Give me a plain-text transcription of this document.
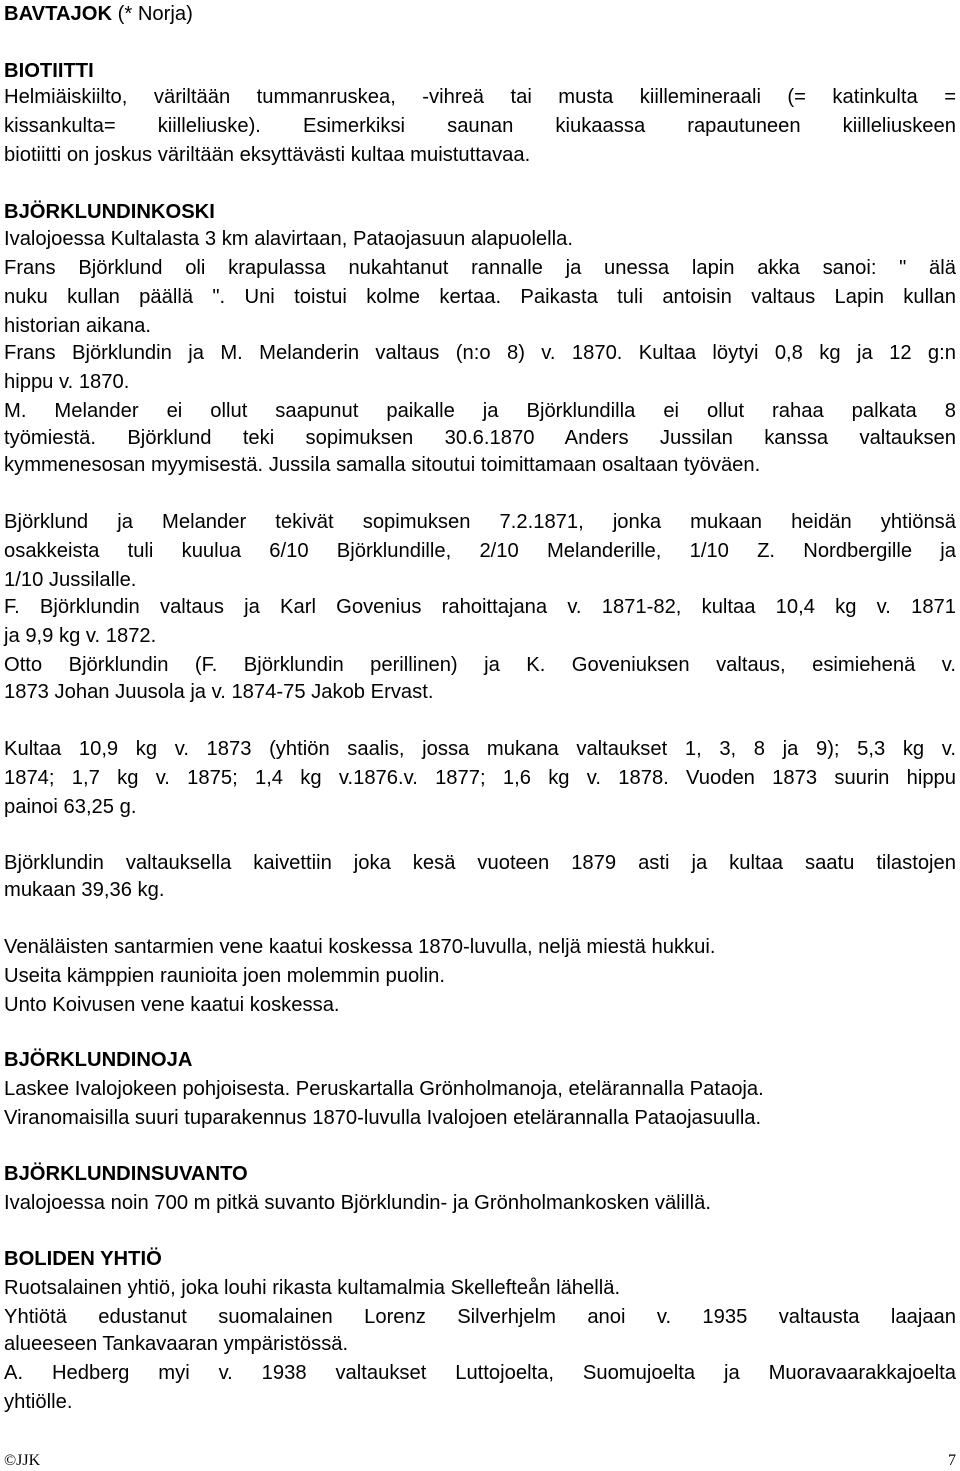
BAVTAJOK (* Norja)
BIOTIITTI
Helmiäiskiilto, väriltään tummanruskea, -vihreä tai musta kiillemineraali (= katinkulta =
kissankulta= kiilleliuske). Esimerkiksi saunan kiukaassa rapautuneen kiilleliuskeen
biotiitti on joskus väriltään eksyttävästi kultaa muistuttavaa.
BJÖRKLUNDINKOSKI
Ivalojoessa Kultalasta 3 km alavirtaan, Pataojasuun alapuolella.
Frans Björklund oli krapulassa nukahtanut rannalle ja unessa lapin akka sanoi: " älä
nuku kullan päällä ". Uni toistui kolme kertaa. Paikasta tuli antoisin valtaus Lapin kullan
historian aikana.
Frans Björklundin ja M. Melanderin valtaus (n:o 8) v. 1870. Kultaa löytyi 0,8 kg ja 12 g:n
hippu v. 1870.
M. Melander ei ollut saapunut paikalle ja Björklundilla ei ollut rahaa palkata 8
työmiestä. Björklund teki sopimuksen 30.6.1870 Anders Jussilan kanssa valtauksen
kymmenesosan myymisestä. Jussila samalla sitoutui toimittamaan osaltaan työväen.
Björklund ja Melander tekivät sopimuksen 7.2.1871, jonka mukaan heidän yhtiönsä
osakkeista tuli kuulua 6/10 Björklundille, 2/10 Melanderille, 1/10 Z. Nordbergille ja
1/10 Jussilalle.
F. Björklundin valtaus ja Karl Govenius rahoittajana v. 1871-82, kultaa 10,4 kg v. 1871
ja 9,9 kg v. 1872.
Otto Björklundin (F. Björklundin perillinen) ja K. Goveniuksen valtaus, esimiehenä v.
1873 Johan Juusola ja v. 1874-75 Jakob Ervast.
Kultaa 10,9 kg v. 1873 (yhtiön saalis, jossa mukana valtaukset 1, 3, 8 ja 9); 5,3 kg v.
1874; 1,7 kg v. 1875; 1,4 kg v.1876.v. 1877; 1,6 kg v. 1878. Vuoden 1873 suurin hippu
painoi 63,25 g.
Björklundin valtauksella kaivettiin joka kesä vuoteen 1879 asti ja kultaa saatu tilastojen
mukaan 39,36 kg.
Venäläisten santarmien vene kaatui koskessa 1870-luvulla, neljä miestä hukkui.
Useita kämppien raunioita joen molemmin puolin.
Unto Koivusen vene kaatui koskessa.
BJÖRKLUNDINOJA
Laskee Ivalojokeen pohjoisesta. Peruskartalla Grönholmanoja, etelärannalla Pataoja.
Viranomaisilla suuri tuparakennus 1870-luvulla Ivalojoen etelärannalla Pataojasuulla.
BJÖRKLUNDINSUVANTO
Ivalojoessa noin 700 m pitkä suvanto Björklundin- ja Grönholmankosken välillä.
BOLIDEN YHTIÖ
Ruotsalainen yhtiö, joka louhi rikasta kultamalmia Skellefteån lähellä.
Yhtiötä edustanut suomalainen Lorenz Silverhjelm anoi v. 1935 valtausta laajaan
alueeseen Tankavaaran ympäristössä.
A. Hedberg myi v. 1938 valtaukset Luttojoelta, Suomujoelta ja Muoravaarakkajoelta
yhtiölle.
©JJK	7
